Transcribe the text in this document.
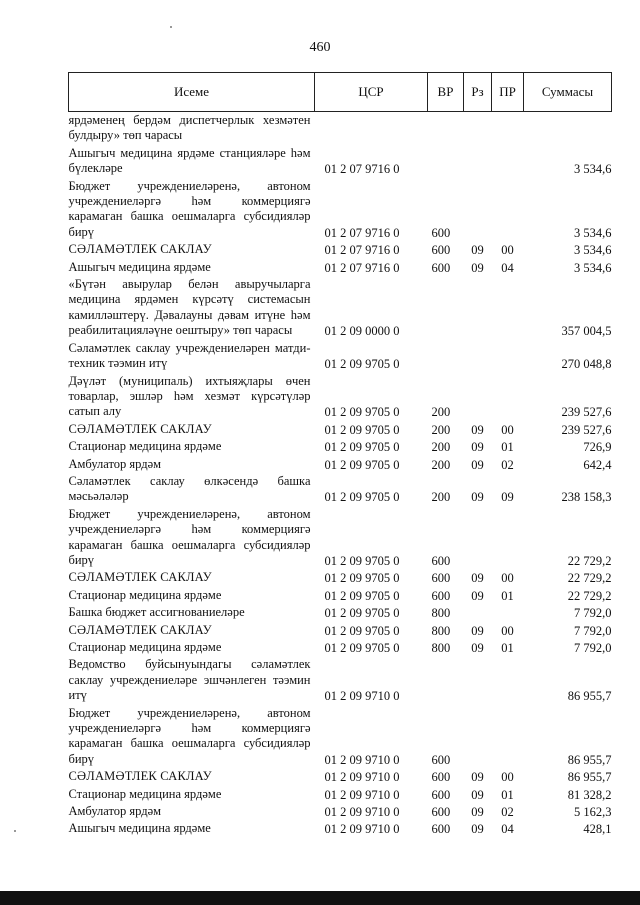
460
Исеме	ЦСР	ВР	Рз	ПР	Суммасы
ярдәменең бердәм диспетчерлык хезмәтен булдыру» төп чарасы					
Ашыгыч медицина ярдәме станцияләре һәм бүлекләре	01 2 07 9716 0				3 534,6
Бюджет учреждениеләренә, автоном учреждениеләргә һәм коммерциягә карамаган башка оешмаларга субсидияләр бирү	01 2 07 9716 0	600			3 534,6
СӘЛАМӘТЛЕК САКЛАУ	01 2 07 9716 0	600	09	00	3 534,6
Ашыгыч медицина ярдәме	01 2 07 9716 0	600	09	04	3 534,6
«Бүтән авырулар белән авыручыларга медицина ярдәмен күрсәтү системасын камилләштерү. Дәвалауны дәвам итүне һәм реабилитацияләүне оештыру» төп чарасы	01 2 09 0000 0				357 004,5
Сәламәтлек саклау учреждениеләрен матди-техник тәэмин итү	01 2 09 9705 0				270 048,8
Дәүләт (муниципаль) ихтыяҗлары өчен товарлар, эшләр һәм хезмәт күрсәтүләр сатып алу	01 2 09 9705 0	200			239 527,6
СӘЛАМӘТЛЕК САКЛАУ	01 2 09 9705 0	200	09	00	239 527,6
Стационар медицина ярдәме	01 2 09 9705 0	200	09	01	726,9
Амбулатор ярдәм	01 2 09 9705 0	200	09	02	642,4
Сәламәтлек саклау өлкәсендә башка мәсьәләләр	01 2 09 9705 0	200	09	09	238 158,3
Бюджет учреждениеләренә, автоном учреждениеләргә һәм коммерциягә карамаган башка оешмаларга субсидияләр бирү	01 2 09 9705 0	600			22 729,2
СӘЛАМӘТЛЕК САКЛАУ	01 2 09 9705 0	600	09	00	22 729,2
Стационар медицина ярдәме	01 2 09 9705 0	600	09	01	22 729,2
Башка бюджет ассигнованиеләре	01 2 09 9705 0	800			7 792,0
СӘЛАМӘТЛЕК САКЛАУ	01 2 09 9705 0	800	09	00	7 792,0
Стационар медицина ярдәме	01 2 09 9705 0	800	09	01	7 792,0
Ведомство буйсынуындагы сәламәтлек саклау учреждениеләре эшчәнлеген тәэмин итү	01 2 09 9710 0				86 955,7
Бюджет учреждениеләренә, автоном учреждениеләргә һәм коммерциягә карамаган башка оешмаларга субсидияләр бирү	01 2 09 9710 0	600			86 955,7
СӘЛАМӘТЛЕК САКЛАУ	01 2 09 9710 0	600	09	00	86 955,7
Стационар медицина ярдәме	01 2 09 9710 0	600	09	01	81 328,2
Амбулатор ярдәм	01 2 09 9710 0	600	09	02	5 162,3
Ашыгыч медицина ярдәме	01 2 09 9710 0	600	09	04	428,1
